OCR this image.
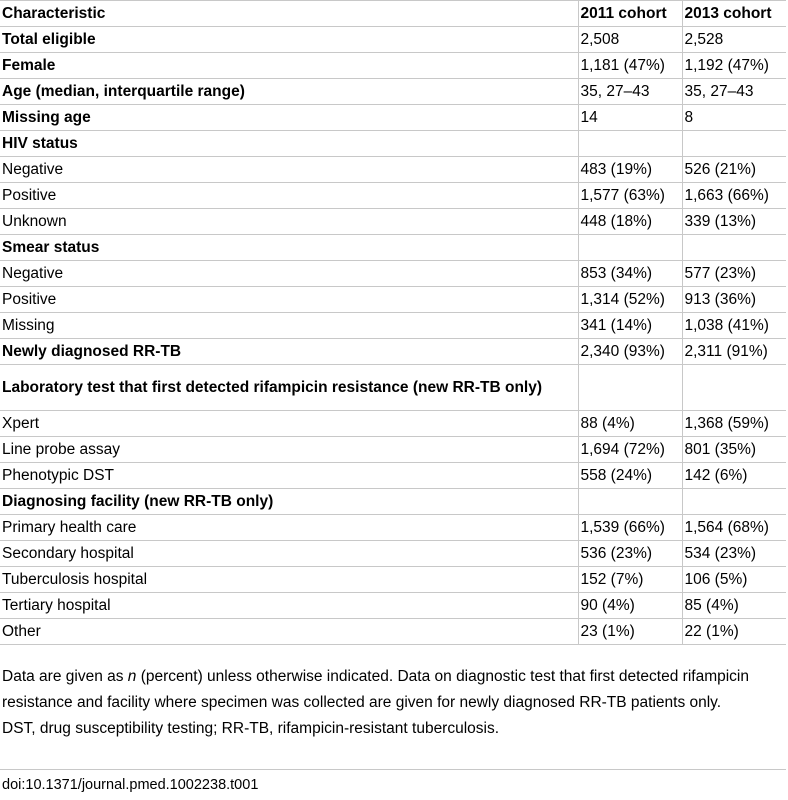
Characteristic	2011 cohort	2013 cohort
Total eligible	2,508	2,528
Female	1,181 (47%)	1,192 (47%)
Age (median, interquartile range)	35, 27–43	35, 27–43
Missing age	14	8
HIV status		
Negative	483 (19%)	526 (21%)
Positive	1,577 (63%)	1,663 (66%)
Unknown	448 (18%)	339 (13%)
Smear status		
Negative	853 (34%)	577 (23%)
Positive	1,314 (52%)	913 (36%)
Missing	341 (14%)	1,038 (41%)
Newly diagnosed RR-TB	2,340 (93%)	2,311 (91%)
Laboratory test that first detected rifampicin resistance (new RR-TB only)		
Xpert	88 (4%)	1,368 (59%)
Line probe assay	1,694 (72%)	801 (35%)
Phenotypic DST	558 (24%)	142 (6%)
Diagnosing facility (new RR-TB only)		
Primary health care	1,539 (66%)	1,564 (68%)
Secondary hospital	536 (23%)	534 (23%)
Tuberculosis hospital	152 (7%)	106 (5%)
Tertiary hospital	90 (4%)	85 (4%)
Other	23 (1%)	22 (1%)

Data are given as n (percent) unless otherwise indicated. Data on diagnostic test that first detected rifampicin resistance and facility where specimen was collected are given for newly diagnosed RR-TB patients only.

DST, drug susceptibility testing; RR-TB, rifampicin-resistant tuberculosis.

doi:10.1371/journal.pmed.1002238.t001
